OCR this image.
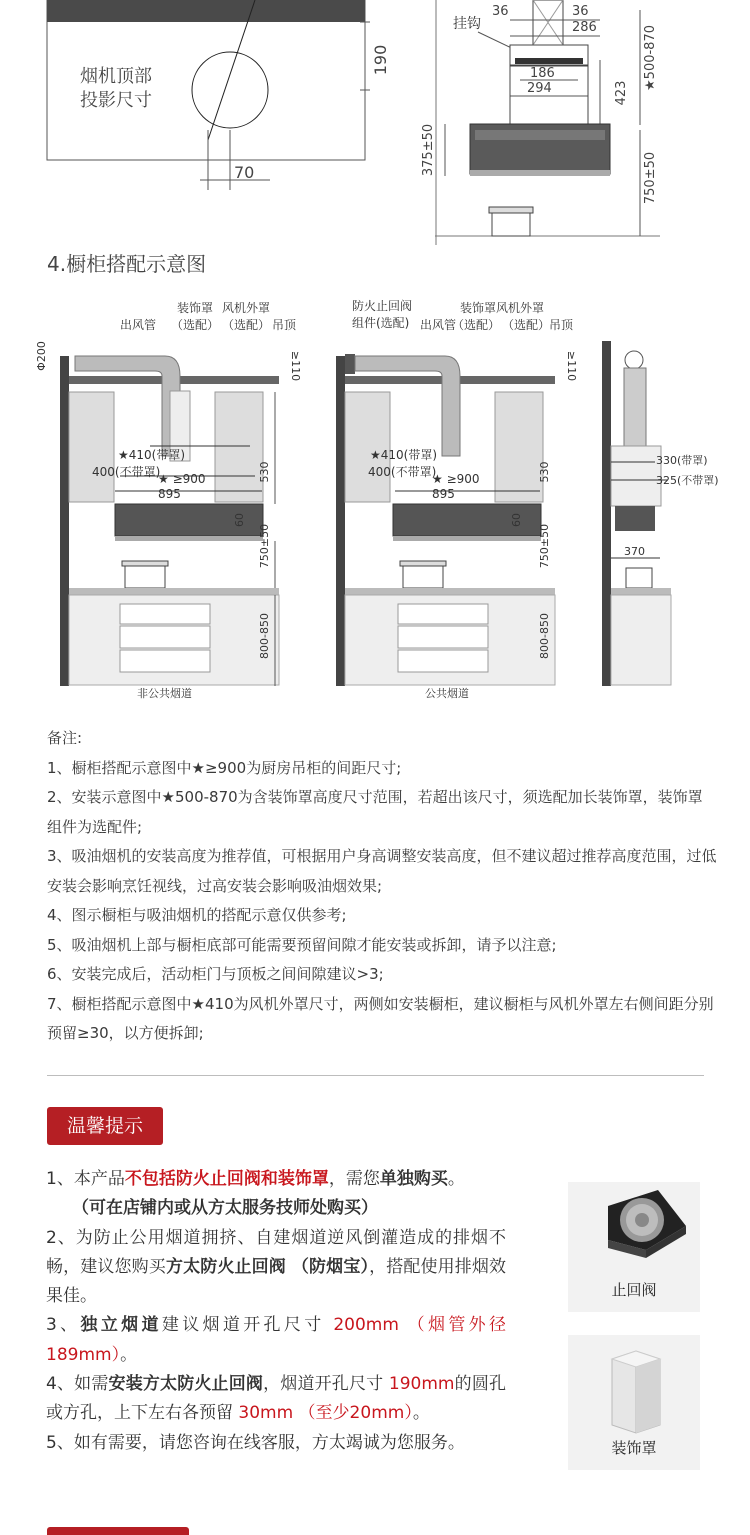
烟机顶部
投影尺寸
190
70
36	36
286
挂钩
186
294	423
★500-870
375±50
750±50
4.橱柜搭配示意图
装饰罩
（选配）
风机外罩
（选配） 吊顶
出风管
Φ200	≥110
★410(带罩)
400(不带罩)
★ ≥900
895
530
60
750±50
800-850
非公共烟道
防火止回阀
组件(选配) 出风管
装饰罩风机外罩
（选配） （选配）
吊顶
≥110
★410(带罩)
400(不带罩)
★ ≥900
895
530
60
750±50
800-850
公共烟道
330(带罩)
325(不带罩)
370

备注:

1、橱柜搭配示意图中★≥900为厨房吊柜的间距尺寸;

2、安装示意图中★500-870为含装饰罩高度尺寸范围，若超出该尺寸，须选配加长装饰罩，装饰罩组件为选配件;

3、吸油烟机的安装高度为推荐值，可根据用户身高调整安装高度，但不建议超过推荐高度范围，过低安装会影响烹饪视线，过高安装会影响吸油烟效果;

4、图示橱柜与吸油烟机的搭配示意仅供参考;

5、吸油烟机上部与橱柜底部可能需要预留间隙才能安装或拆卸，请予以注意;

6、安装完成后，活动柜门与顶板之间间隙建议>3;

7、橱柜搭配示意图中★410为风机外罩尺寸，两侧如安装橱柜，建议橱柜与风机外罩左右侧间距分别预留≥30，以方便拆卸;

温馨提示

1、本产品不包括防火止回阀和装饰罩，需您单独购买。

（可在店铺内或从方太服务技师处购买）

2、为防止公用烟道拥挤、自建烟道逆风倒灌造成的排烟不畅，建议您购买方太防火止回阀 （防烟宝），搭配使用排烟效果佳。

3、独立烟道建议烟道开孔尺寸 200mm （烟管外径189mm）。

4、如需安装方太防火止回阀，烟道开孔尺寸 190mm的圆孔或方孔，上下左右各预留 30mm （至少20mm）。

5、如有需要，请您咨询在线客服，方太竭诚为您服务。

止回阀
装饰罩
